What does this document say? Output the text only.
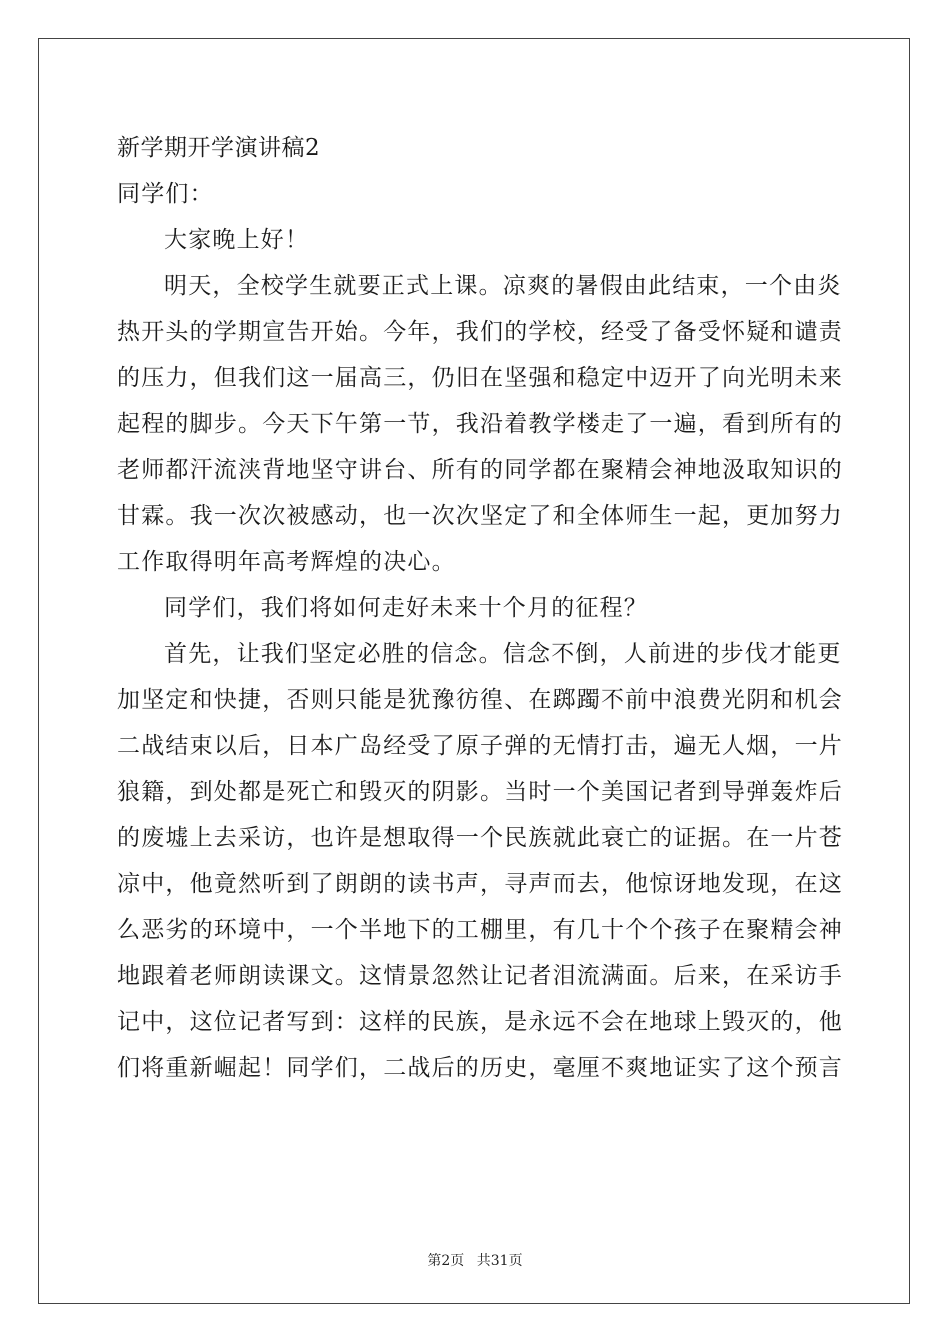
新学期开学演讲稿2
同学们：
大家晚上好！
明天，全校学生就要正式上课。凉爽的暑假由此结束，一个由炎
热开头的学期宣告开始。今年，我们的学校，经受了备受怀疑和谴责
的压力，但我们这一届高三，仍旧在坚强和稳定中迈开了向光明未来
起程的脚步。今天下午第一节，我沿着教学楼走了一遍，看到所有的
老师都汗流浃背地坚守讲台、所有的同学都在聚精会神地汲取知识的
甘霖。我一次次被感动，也一次次坚定了和全体师生一起，更加努力
工作取得明年高考辉煌的决心。
同学们，我们将如何走好未来十个月的征程？
首先，让我们坚定必胜的信念。信念不倒，人前进的步伐才能更
加坚定和快捷，否则只能是犹豫彷徨、在踯躅不前中浪费光阴和机会
二战结束以后，日本广岛经受了原子弹的无情打击，遍无人烟，一片
狼籍，到处都是死亡和毁灭的阴影。当时一个美国记者到导弹轰炸后
的废墟上去采访，也许是想取得一个民族就此衰亡的证据。在一片苍
凉中，他竟然听到了朗朗的读书声，寻声而去，他惊讶地发现，在这
么恶劣的环境中，一个半地下的工棚里，有几十个个孩子在聚精会神
地跟着老师朗读课文。这情景忽然让记者泪流满面。后来，在采访手
记中，这位记者写到：这样的民族，是永远不会在地球上毁灭的，他
们将重新崛起！同学们，二战后的历史，毫厘不爽地证实了这个预言
第2页 共31页
